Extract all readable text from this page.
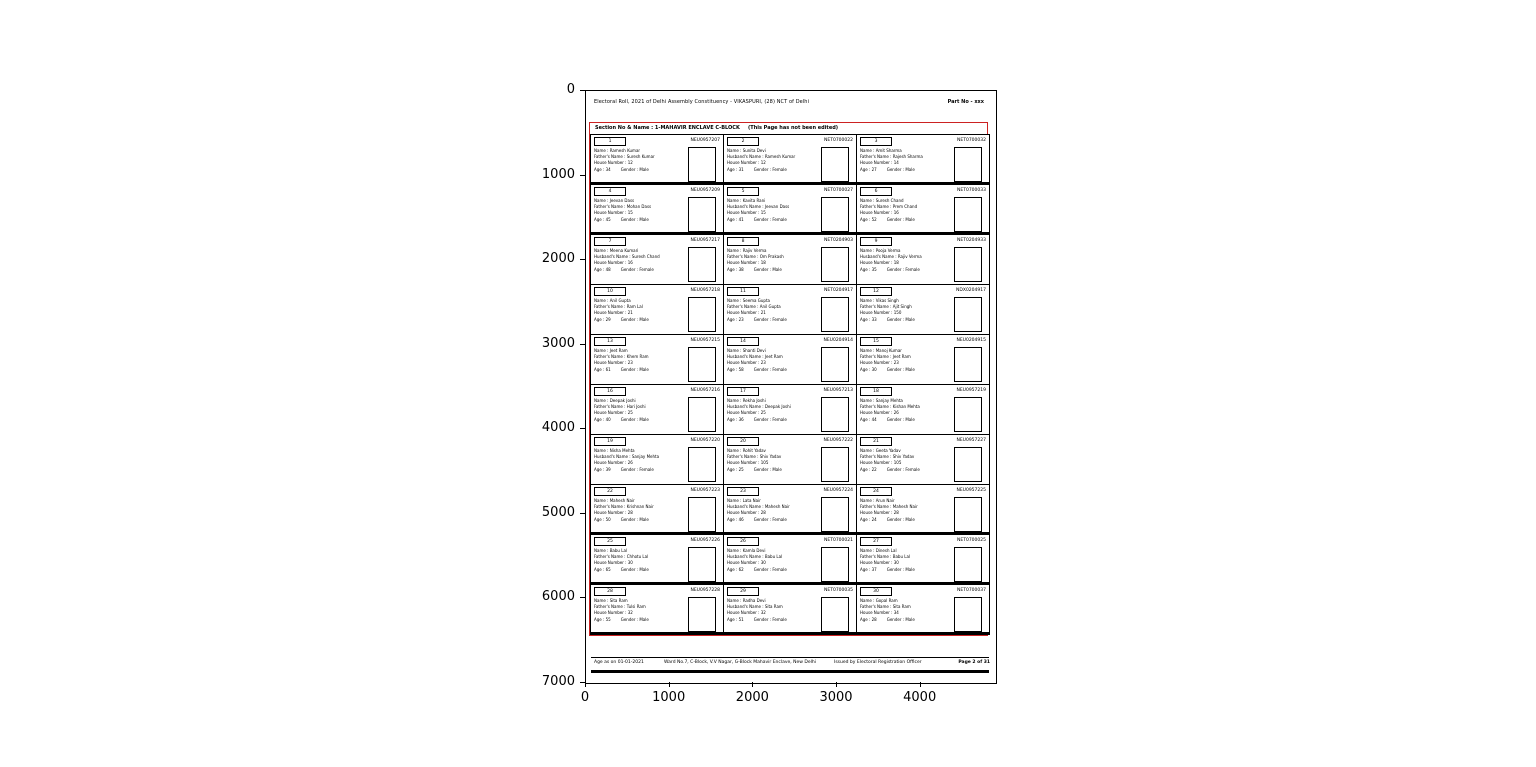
Electoral Roll, 2021 of Delhi Assembly Constituency - VIKASPURI, (28) NCT of Delhi	Part No - xxx
Section No & Name : 1-MAHAVIR ENCLAVE C-BLOCK (This Page has not been edited)
1	NEU0957207
Name : Ramesh Kumar
Father's Name : Suresh Kumar
House Number : 12
Age : 34	Gender : Male
2	NET0700022
Name : Sunita Devi
Husband's Name : Ramesh Kumar
House Number : 12
Age : 31	Gender : Female
3	NET0700032
Name : Amit Sharma
Father's Name : Rajesh Sharma
House Number : 14
Age : 27	Gender : Male
4	NEU0957209
Name : Jeevan Dass
Father's Name : Mohan Dass
House Number : 15
Age : 45	Gender : Male
5	NET0700027
Name : Kavita Rani
Husband's Name : Jeevan Dass
House Number : 15
Age : 41	Gender : Female
6	NET0700033
Name : Suresh Chand
Father's Name : Prem Chand
House Number : 16
Age : 52	Gender : Male
7	NEU0957217
Name : Meena Kumari
Husband's Name : Suresh Chand
House Number : 16
Age : 48	Gender : Female
8	NET0204903
Name : Rajiv Verma
Father's Name : Om Prakash
House Number : 18
Age : 38	Gender : Male
9	NET0204933
Name : Pooja Verma
Husband's Name : Rajiv Verma
House Number : 18
Age : 35	Gender : Female
10	NEU0957218
Name : Anil Gupta
Father's Name : Ram Lal
House Number : 21
Age : 29	Gender : Male
11	NET0204917
Name : Seema Gupta
Father's Name : Anil Gupta
House Number : 21
Age : 23	Gender : Female
12	NDX0204917
Name : Vikas Singh
Father's Name : Ajit Singh
House Number : 150
Age : 33	Gender : Male
13	NEU0957215
Name : Jeet Ram
Father's Name : Khem Ram
House Number : 23
Age : 61	Gender : Male
14	NEU0204914
Name : Shanti Devi
Husband's Name : Jeet Ram
House Number : 23
Age : 58	Gender : Female
15	NEU0204915
Name : Manoj Kumar
Father's Name : Jeet Ram
House Number : 23
Age : 30	Gender : Male
16	NEU0957216
Name : Deepak Joshi
Father's Name : Hari Joshi
House Number : 25
Age : 40	Gender : Male
17	NEU0957213
Name : Rekha Joshi
Husband's Name : Deepak Joshi
House Number : 25
Age : 36	Gender : Female
18	NEU0957219
Name : Sanjay Mehta
Father's Name : Kishan Mehta
House Number : 26
Age : 44	Gender : Male
19	NEU0957220
Name : Nisha Mehta
Husband's Name : Sanjay Mehta
House Number : 26
Age : 39	Gender : Female
20	NEU0957222
Name : Rohit Yadav
Father's Name : Shiv Yadav
House Number : 105
Age : 25	Gender : Male
21	NEU0957227
Name : Geeta Yadav
Father's Name : Shiv Yadav
House Number : 105
Age : 22	Gender : Female
22	NEU0957223
Name : Mahesh Nair
Father's Name : Krishnan Nair
House Number : 28
Age : 50	Gender : Male
23	NEU0957224
Name : Lata Nair
Husband's Name : Mahesh Nair
House Number : 28
Age : 46	Gender : Female
24	NEU0957225
Name : Arun Nair
Father's Name : Mahesh Nair
House Number : 28
Age : 24	Gender : Male
25	NEU0957226
Name : Babu Lal
Father's Name : Chhotu Lal
House Number : 30
Age : 65	Gender : Male
26	NET0700021
Name : Kamla Devi
Husband's Name : Babu Lal
House Number : 30
Age : 62	Gender : Female
27	NET0700025
Name : Dinesh Lal
Father's Name : Babu Lal
House Number : 30
Age : 37	Gender : Male
28	NEU0957228
Name : Sita Ram
Father's Name : Tulsi Ram
House Number : 32
Age : 55	Gender : Male
29	NET0700035
Name : Radha Devi
Husband's Name : Sita Ram
House Number : 32
Age : 51	Gender : Female
30	NET0700037
Name : Gopal Ram
Father's Name : Sita Ram
House Number : 34
Age : 28	Gender : Male
Age as on 01-01-2021	Ward No.7, C-Block, V.V Nagar, G-Block Mahavir Enclave, New Delhi	Issued by Electoral Registration Officer	Page 2 of 31
0
1000
2000
3000
4000
5000
6000
7000
0	1000	2000	3000	4000
